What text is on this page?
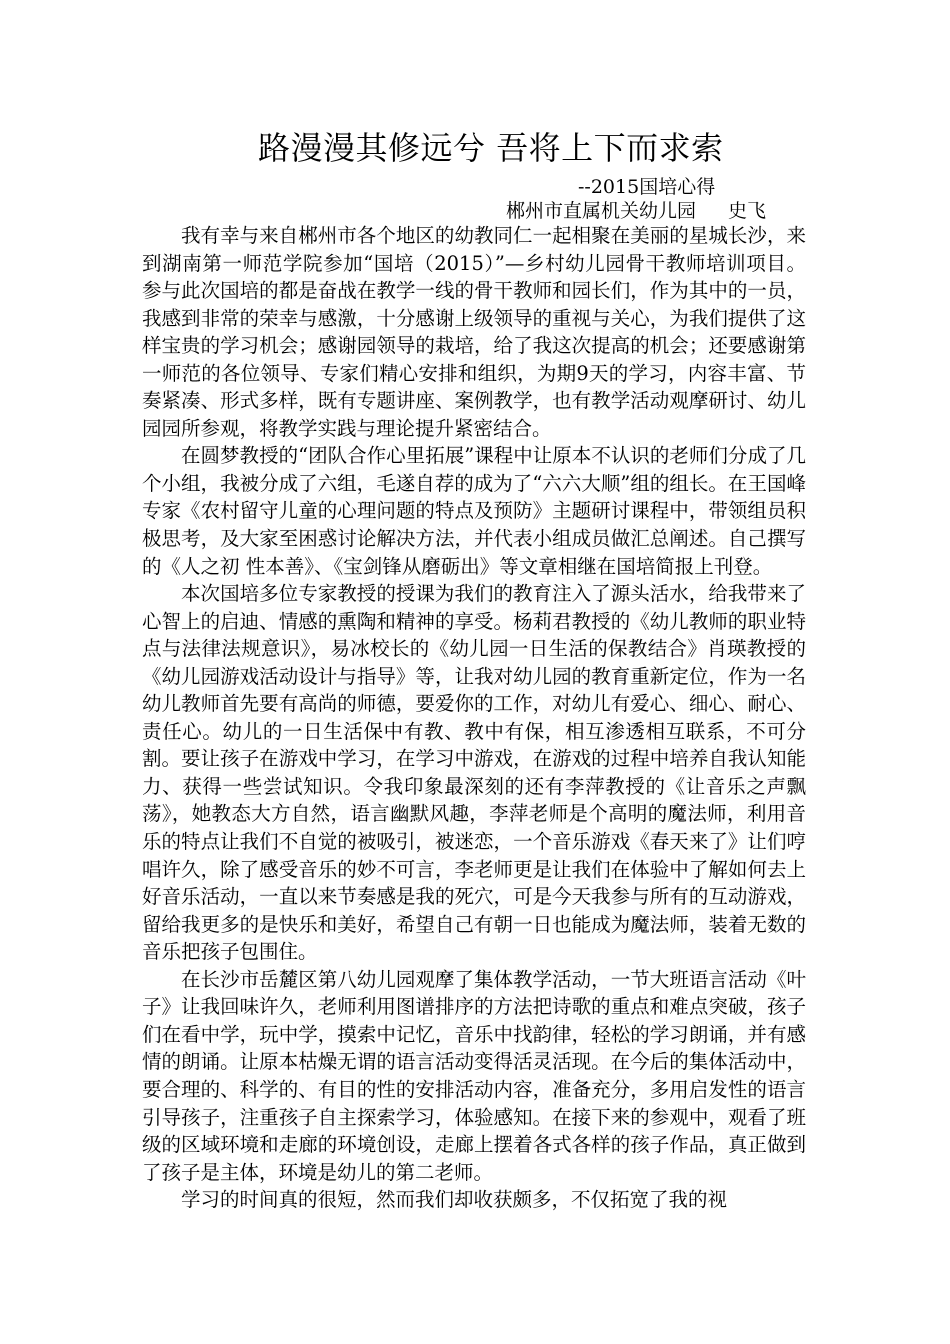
路漫漫其修远兮 吾将上下而求索
--2015国培心得
郴州市直属机关幼儿园 史飞

我有幸与来自郴州市各个地区的幼教同仁一起相聚在美丽的星城长沙，来到湖南第一师范学院参加“国培（2015）”—乡村幼儿园骨干教师培训项目。参与此次国培的都是奋战在教学一线的骨干教师和园长们，作为其中的一员，我感到非常的荣幸与感激，十分感谢上级领导的重视与关心，为我们提供了这样宝贵的学习机会；感谢园领导的栽培，给了我这次提高的机会；还要感谢第一师范的各位领导、专家们精心安排和组织，为期9天的学习，内容丰富、节奏紧凑、形式多样，既有专题讲座、案例教学，也有教学活动观摩研讨、幼儿园园所参观，将教学实践与理论提升紧密结合。

在圆梦教授的“团队合作心里拓展”课程中让原本不认识的老师们分成了几个小组，我被分成了六组，毛遂自荐的成为了“六六大顺”组的组长。在王国峰专家《农村留守儿童的心理问题的特点及预防》主题研讨课程中，带领组员积极思考，及大家至困惑讨论解决方法，并代表小组成员做汇总阐述。自己撰写的《人之初 性本善》、《宝剑锋从磨砺出》等文章相继在国培简报上刊登。

本次国培多位专家教授的授课为我们的教育注入了源头活水，给我带来了心智上的启迪、情感的熏陶和精神的享受。杨莉君教授的《幼儿教师的职业特点与法律法规意识》，易冰校长的《幼儿园一日生活的保教结合》肖瑛教授的《幼儿园游戏活动设计与指导》等，让我对幼儿园的教育重新定位，作为一名幼儿教师首先要有高尚的师德，要爱你的工作，对幼儿有爱心、细心、耐心、责任心。幼儿的一日生活保中有教、教中有保，相互渗透相互联系，不可分割。要让孩子在游戏中学习，在学习中游戏，在游戏的过程中培养自我认知能力、获得一些尝试知识。令我印象最深刻的还有李萍教授的《让音乐之声飘荡》，她教态大方自然，语言幽默风趣，李萍老师是个高明的魔法师，利用音乐的特点让我们不自觉的被吸引，被迷恋，一个音乐游戏《春天来了》让们哼唱许久，除了感受音乐的妙不可言，李老师更是让我们在体验中了解如何去上好音乐活动，一直以来节奏感是我的死穴，可是今天我参与所有的互动游戏，留给我更多的是快乐和美好，希望自己有朝一日也能成为魔法师，装着无数的音乐把孩子包围住。

在长沙市岳麓区第八幼儿园观摩了集体教学活动，一节大班语言活动《叶子》让我回味许久，老师利用图谱排序的方法把诗歌的重点和难点突破，孩子们在看中学，玩中学，摸索中记忆，音乐中找韵律，轻松的学习朗诵，并有感情的朗诵。让原本枯燥无谓的语言活动变得活灵活现。在今后的集体活动中，要合理的、科学的、有目的性的安排活动内容，准备充分，多用启发性的语言引导孩子，注重孩子自主探索学习，体验感知。在接下来的参观中，观看了班级的区域环境和走廊的环境创设，走廊上摆着各式各样的孩子作品，真正做到了孩子是主体，环境是幼儿的第二老师。

学习的时间真的很短，然而我们却收获颇多，不仅拓宽了我的视
